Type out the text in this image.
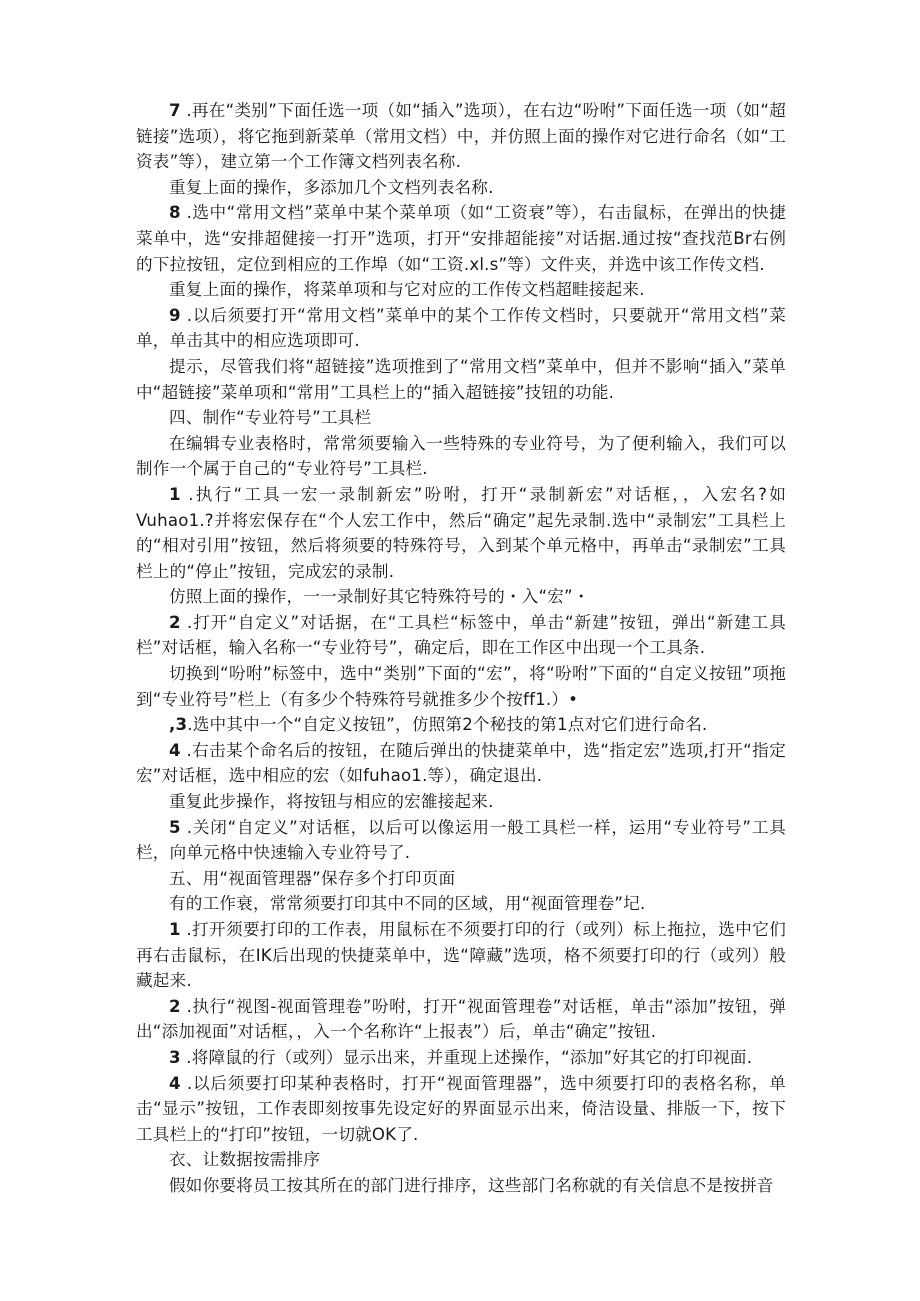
7 .再在“类别”下面任选一项（如“插入”选项），在右边“吩咐”下面任选一项（如“超链接”选项），将它拖到新菜单（常用文档）中，并仿照上面的操作对它进行命名（如“工资表”等），建立第一个工作簿文档列表名称.

重复上面的操作，多添加几个文档列表名称.

8 .选中“常用文档”菜单中某个菜单项（如“工资衰”等），右击鼠标，在弹出的快捷菜单中，选“安排超健接一打开”选项，打开“安排超能接”对话据.通过按“查找范Br右例的下拉按钮，定位到相应的工作埠（如“工资.xl.s”等）文件夹，并选中该工作传文档.

重复上面的操作，将菜单项和与它对应的工作传文档超畦接起来.

9 .以后须要打开“常用文档”菜单中的某个工作传文档时，只要就开“常用文档”菜单，单击其中的相应选项即可.

提示，尽管我们将“超链接”选项推到了“常用文档”菜单中，但并不影响“插入”菜单中“超链接”菜单项和“常用”工具栏上的“插入超链接”技钮的功能.

四、制作“专业符号”工具栏

在编辑专业表格时，常常须要输入一些特殊的专业符号，为了便利输入，我们可以制作一个属于自己的“专业符号”工具栏.

1 .执行“工具一宏一录制新宏”吩咐，打开“录制新宏”对话框，，入宏名?如Vuhao1.?并将宏保存在“个人宏工作中，然后“确定”起先录制.选中“录制宏”工具栏上的“相对引用”按钮，然后将须要的特殊符号，入到某个单元格中，再单击“录制宏”工具栏上的“停止”按钮，完成宏的录制.

仿照上面的操作，一一录制好其它特殊符号的・入“宏”・

2 .打开“自定义”对话据，在“工具栏“标签中，单击“新建”按钮，弹出“新建工具栏”对话框，输入名称一“专业符号”，确定后，即在工作区中出现一个工具条.

切换到“吩咐”标签中，选中“类别”下面的“宏”，将“吩咐”下面的“自定义按钮”项拖到“专业符号”栏上（有多少个特殊符号就推多少个按ff1.）•

,3.选中其中一个“自定义按钮”，仿照第2个秘技的第1点对它们进行命名.

4 .右击某个命名后的按钮，在随后弹出的快捷菜单中，选“指定宏”选项,打开“指定宏”对话框，选中相应的宏（如fuhao1.等），确定退出.

重复此步操作，将按钮与相应的宏雒接起来.

5 .关闭“自定义”对话框，以后可以像运用一般工具栏一样，运用“专业符号”工具栏，向单元格中快速输入专业符号了.

五、用“视面管理器”保存多个打印页面

有的工作衰，常常须要打印其中不同的区域，用“视面管理卷”圮.

1 .打开须要打印的工作表，用鼠标在不须要打印的行（或列）标上拖拉，选中它们再右击鼠标，在IK后出现的快捷菜单中，选“障藏”选项，格不须要打印的行（或列）般藏起来.

2 .执行“视图-视面管理卷”吩咐，打开“视面管理卷”对话框，单击“添加”按钮，弹出“添加视面”对话框，，入一个名称许“上报表”）后，单击“确定”按钮.

3 .将障鼠的行（或列）显示出来，并重现上述操作，“添加”好其它的打印视面.

4 .以后须要打印某种表格时，打开“视面管理器”，选中须要打印的表格名称，单击“显示”按钮，工作表即刻按事先设定好的界面显示出来，倚洁设量、排版一下，按下工具栏上的“打印”按钮，一切就OK了.

衣、让数据按需排序

假如你要将员工按其所在的部门进行排序，这些部门名称就的有关信息不是按拼音
